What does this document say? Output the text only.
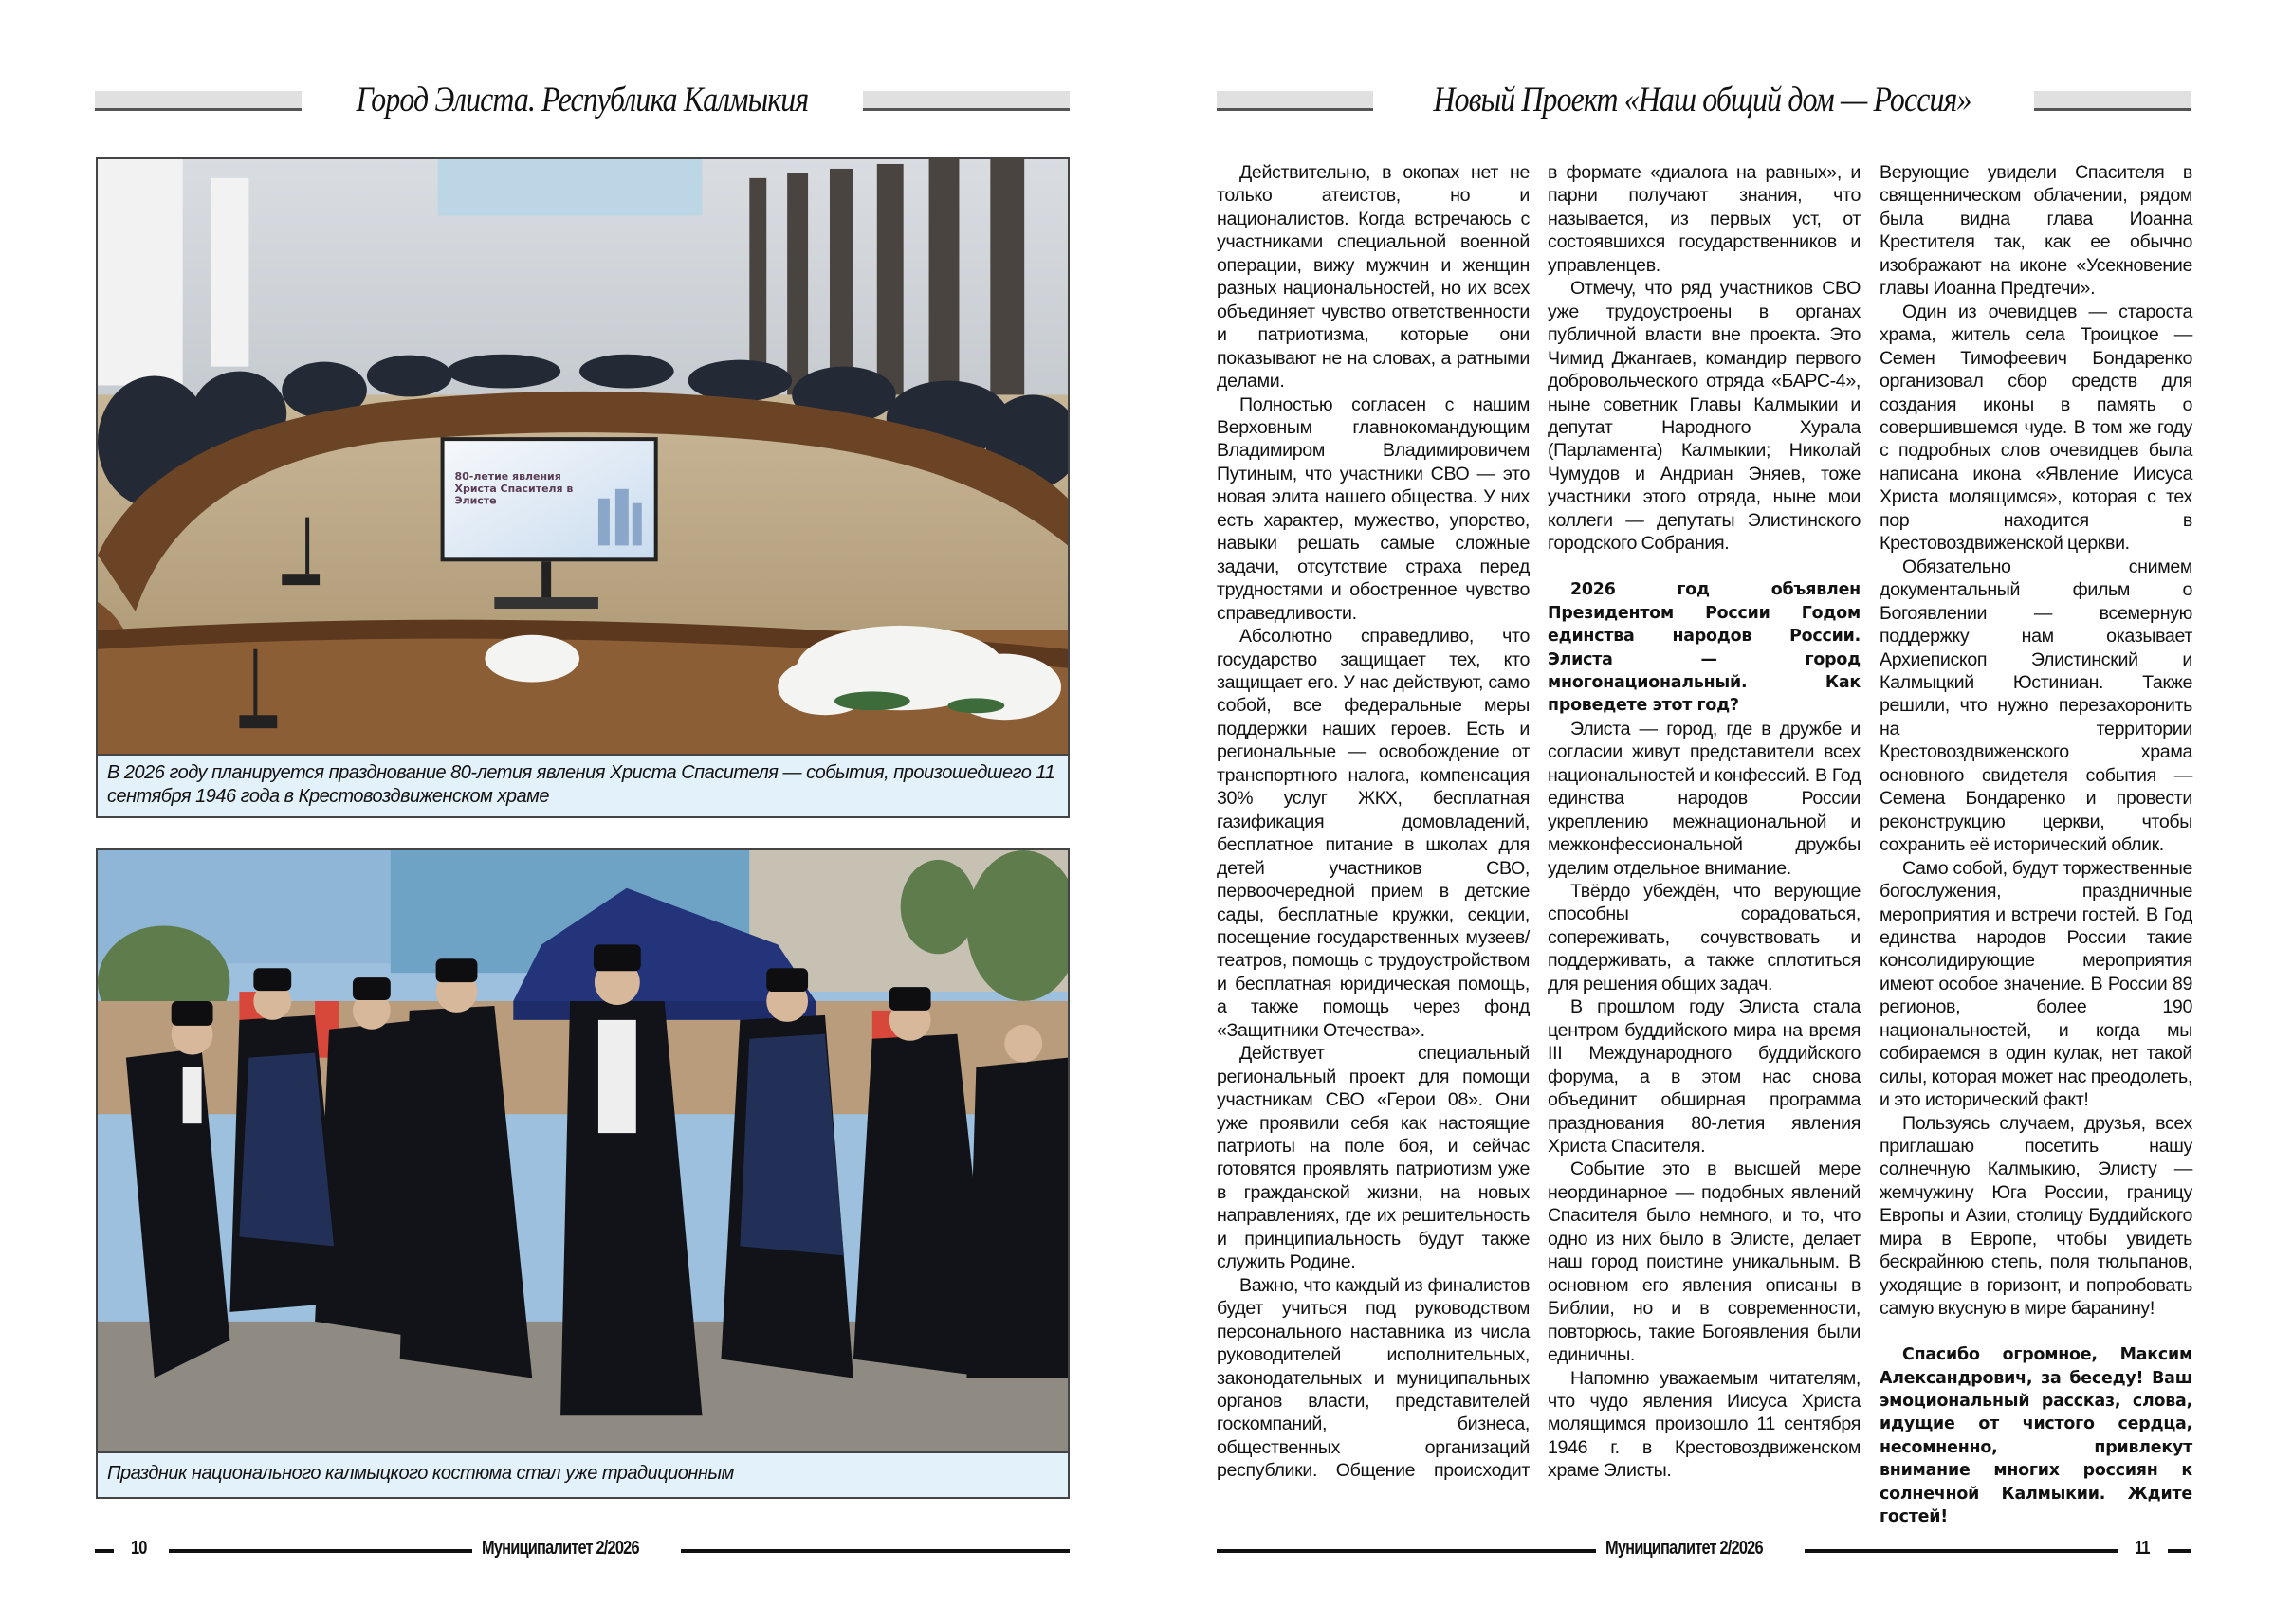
Город Элиста. Республика Калмыкия
80-летие явления Христа Спасителя в Элисте
В 2026 году планируется празднование 80-летия явления Христа Спасителя — события, произошедшего 11 сентября 1946 года в Крестовоздвиженском храме
Праздник национального калмыцкого костюма стал уже традиционным
10	Муниципалитет 2/2026
Новый Проект «Наш общий дом — Россия»

Действительно, в окопах нет не только атеистов, но и националистов. Когда встречаюсь с участниками специальной военной операции, вижу мужчин и женщин разных национальностей, но их всех объединяет чувство ответственности и патриотизма, которые они показывают не на словах, а ратными делами.

Полностью согласен с нашим Верховным главнокомандующим Владимиром Владимировичем Путиным, что участники СВО — это новая элита нашего общества. У них есть характер, мужество, упорство, навыки решать самые сложные задачи, отсутствие страха перед трудностями и обостренное чувство справедливости.

Абсолютно справедливо, что государство защищает тех, кто защищает его. У нас действуют, само собой, все федеральные меры поддержки наших героев. Есть и региональные — освобождение от транспортного налога, компенсация 30% услуг ЖКХ, бесплатная газификация домовладений, бесплатное питание в школах для детей участников СВО, первоочередной прием в детские сады, бесплатные кружки, секции, посещение государственных музеев/театров, помощь с трудоустройством и бесплатная юридическая помощь, а также помощь через фонд «Защитники Отечества».

Действует специальный региональный проект для помощи участникам СВО «Герои 08». Они уже проявили себя как настоящие патриоты на поле боя, и сейчас готовятся проявлять патриотизм уже в гражданской жизни, на новых направлениях, где их решительность и принципиальность будут также служить Родине.

Важно, что каждый из финалистов будет учиться под руководством персонального наставника из числа руководителей исполнительных, законодательных и муниципальных органов власти, представителей госкомпаний, бизнеса, общественных организаций республики. Общение происходит

в формате «диалога на равных», и парни получают знания, что называется, из первых уст, от состоявшихся государственников и управленцев.

Отмечу, что ряд участников СВО уже трудоустроены в органах публичной власти вне проекта. Это Чимид Джангаев, командир первого добровольческого отряда «БАРС-4», ныне советник Главы Калмыкии и депутат Народного Хурала (Парламента) Калмыкии; Николай Чумудов и Андриан Эняев, тоже участники этого отряда, ныне мои коллеги — депутаты Элистинского городского Собрания.

2026 год объявлен Президентом России Годом единства народов России. Элиста — город многонациональный. Как проведете этот год?

Элиста — город, где в дружбе и согласии живут представители всех национальностей и конфессий. В Год единства народов России укреплению межнациональной и межконфессиональной дружбы уделим отдельное внимание.

Твёрдо убеждён, что верующие способны сорадоваться, сопереживать, сочувствовать и поддерживать, а также сплотиться для решения общих задач.

В прошлом году Элиста стала центром буддийского мира на время III Международного буддийского форума, а в этом нас снова объединит обширная программа празднования 80-летия явления Христа Спасителя.

Событие это в высшей мере неординарное — подобных явлений Спасителя было немного, и то, что одно из них было в Элисте, делает наш город поистине уникальным. В основном его явления описаны в Библии, но и в современности, повторюсь, такие Богоявления были единичны.

Напомню уважаемым читателям, что чудо явления Иисуса Христа молящимся произошло 11 сентября 1946 г. в Крестовоздвиженском храме Элисты.

Верующие увидели Спасителя в священническом облачении, рядом была видна глава Иоанна Крестителя так, как ее обычно изображают на иконе «Усекновение главы Иоанна Предтечи».

Один из очевидцев — староста храма, житель села Троицкое — Семен Тимофеевич Бондаренко организовал сбор средств для создания иконы в память о совершившемся чуде. В том же году с подробных слов очевидцев была написана икона «Явление Иисуса Христа молящимся», которая с тех пор находится в Крестовоздвиженской церкви.

Обязательно снимем документальный фильм о Богоявлении — всемерную поддержку нам оказывает Архиепископ Элистинский и Калмыцкий Юстиниан. Также решили, что нужно перезахоронить на территории Крестовоздвиженского храма основного свидетеля события — Семена Бондаренко и провести реконструкцию церкви, чтобы сохранить её исторический облик.

Само собой, будут торжественные богослужения, праздничные мероприятия и встречи гостей. В Год единства народов России такие консолидирующие мероприятия имеют особое значение. В России 89 регионов, более 190 национальностей, и когда мы собираемся в один кулак, нет такой силы, которая может нас преодолеть, и это исторический факт!

Пользуясь случаем, друзья, всех приглашаю посетить нашу солнечную Калмыкию, Элисту — жемчужину Юга России, границу Европы и Азии, столицу Буддийского мира в Европе, чтобы увидеть бескрайнюю степь, поля тюльпанов, уходящие в горизонт, и попробовать самую вкусную в мире баранину!

Спасибо огромное, Максим Александрович, за беседу! Ваш эмоциональный рассказ, слова, идущие от чистого сердца, несомненно, привлекут внимание многих россиян к солнечной Калмыкии. Ждите гостей!

Муниципалитет 2/2026	11
